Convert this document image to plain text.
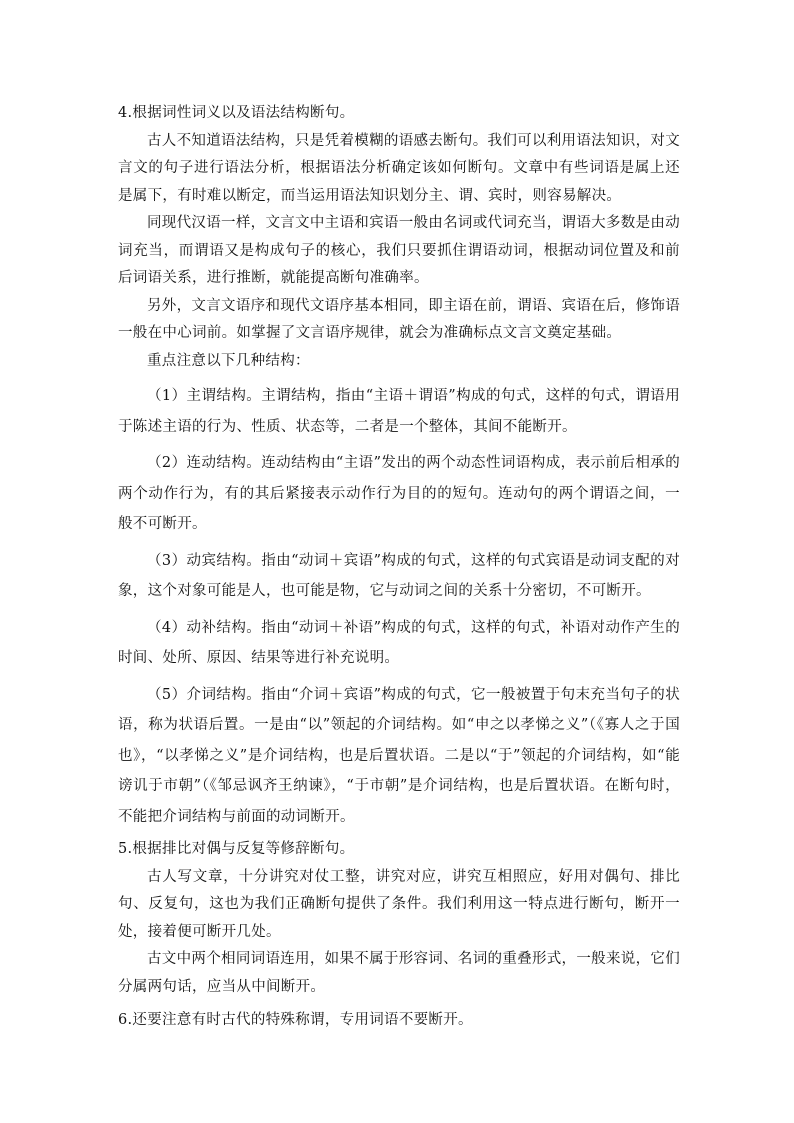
4.根据词性词义以及语法结构断句。

古人不知道语法结构，只是凭着模糊的语感去断句。我们可以利用语法知识，对文言文的句子进行语法分析，根据语法分析确定该如何断句。文章中有些词语是属上还是属下，有时难以断定，而当运用语法知识划分主、谓、宾时，则容易解决。

同现代汉语一样，文言文中主语和宾语一般由名词或代词充当，谓语大多数是由动词充当，而谓语又是构成句子的核心，我们只要抓住谓语动词，根据动词位置及和前后词语关系，进行推断，就能提高断句准确率。

另外，文言文语序和现代文语序基本相同，即主语在前，谓语、宾语在后，修饰语一般在中心词前。如掌握了文言语序规律，就会为准确标点文言文奠定基础。

重点注意以下几种结构：

（1）主谓结构。主谓结构，指由“主语＋谓语”构成的句式，这样的句式，谓语用于陈述主语的行为、性质、状态等，二者是一个整体，其间不能断开。

（2）连动结构。连动结构由“主语”发出的两个动态性词语构成，表示前后相承的两个动作行为，有的其后紧接表示动作行为目的的短句。连动句的两个谓语之间，一般不可断开。

（3）动宾结构。指由“动词＋宾语”构成的句式，这样的句式宾语是动词支配的对象，这个对象可能是人，也可能是物，它与动词之间的关系十分密切，不可断开。

（4）动补结构。指由“动词＋补语”构成的句式，这样的句式，补语对动作产生的时间、处所、原因、结果等进行补充说明。

（5）介词结构。指由“介词＋宾语”构成的句式，它一般被置于句末充当句子的状语，称为状语后置。一是由“以”领起的介词结构。如“申之以孝悌之义”（《寡人之于国也》，“以孝悌之义”是介词结构，也是后置状语。二是以“于”领起的介词结构，如“能谤讥于市朝”（《邹忌讽齐王纳谏》，“于市朝”是介词结构，也是后置状语。在断句时，不能把介词结构与前面的动词断开。

5.根据排比对偶与反复等修辞断句。

古人写文章，十分讲究对仗工整，讲究对应，讲究互相照应，好用对偶句、排比句、反复句，这也为我们正确断句提供了条件。我们利用这一特点进行断句，断开一处，接着便可断开几处。

古文中两个相同词语连用，如果不属于形容词、名词的重叠形式，一般来说，它们分属两句话，应当从中间断开。

6.还要注意有时古代的特殊称谓，专用词语不要断开。
